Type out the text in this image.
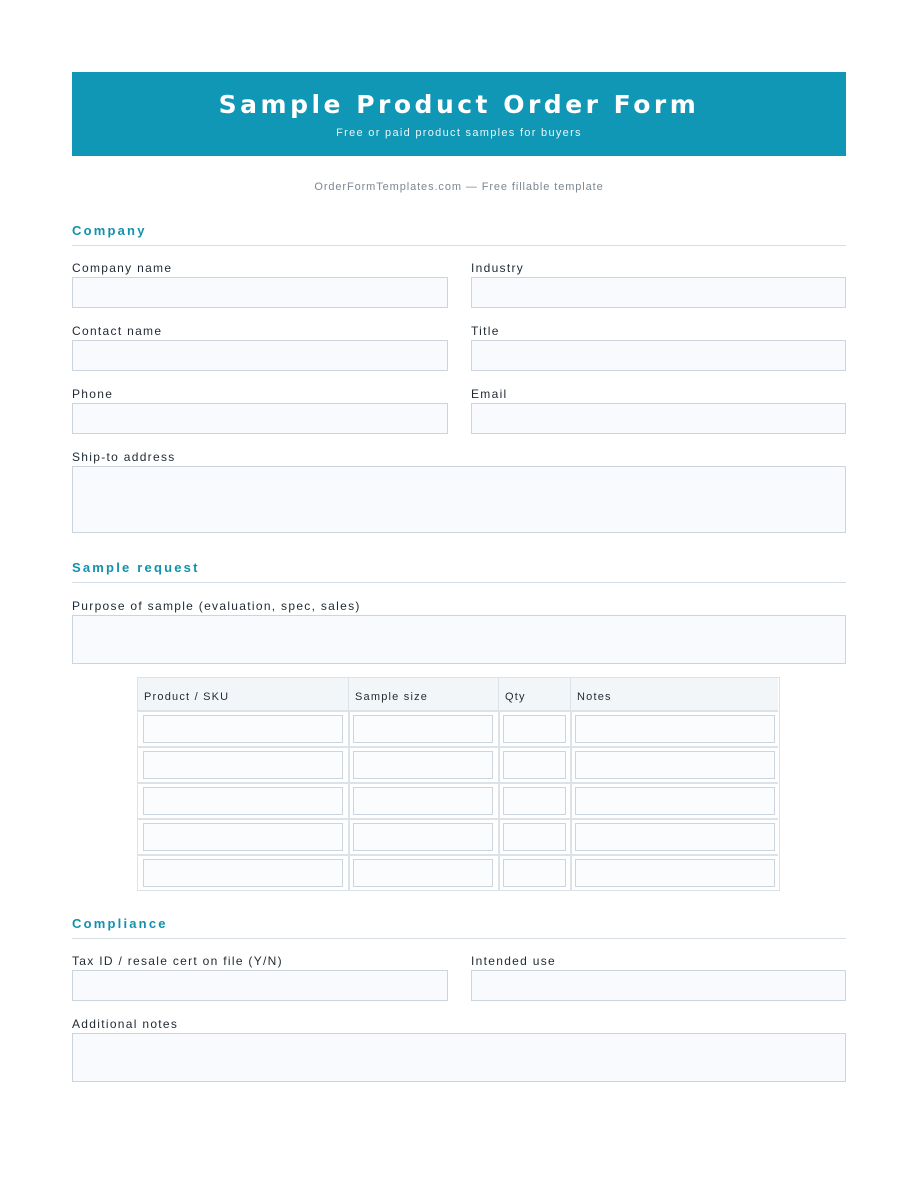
Sample Product Order Form
Free or paid product samples for buyers
OrderFormTemplates.com — Free fillable template
Company
Company name	Industry
Contact name	Title
Phone	Email
Ship-to address
Sample request
Purpose of sample (evaluation, spec, sales)
Product / SKU	Sample size	Qty	Notes
Compliance
Tax ID / resale cert on file (Y/N)	Intended use
Additional notes
